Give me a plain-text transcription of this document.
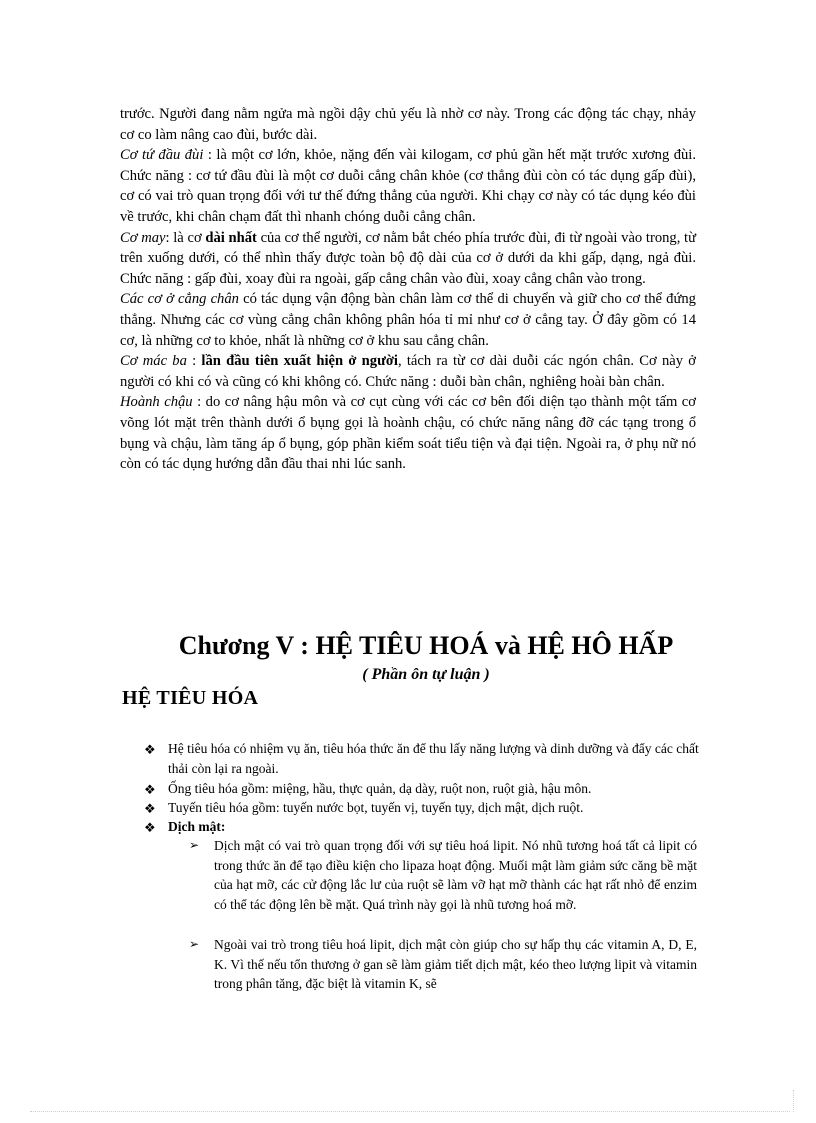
trước. Người đang nằm ngửa mà ngồi dậy chủ yếu là nhờ cơ này. Trong các động tác chạy, nhảy cơ co làm nâng cao đùi, bước dài.

Cơ tứ đầu đùi : là một cơ lớn, khỏe, nặng đến vài kilogam, cơ phủ gần hết mặt trước xương đùi. Chức năng : cơ tứ đầu đùi là một cơ duỗi cẳng chân khỏe (cơ thẳng đùi còn có tác dụng gấp đùi), cơ có vai trò quan trọng đối với tư thế đứng thẳng của người. Khi chạy cơ này có tác dụng kéo đùi về trước, khi chân chạm đất thì nhanh chóng duỗi cẳng chân.

Cơ may: là cơ dài nhất của cơ thể người, cơ nằm bắt chéo phía trước đùi, đi từ ngoài vào trong, từ trên xuống dưới, có thể nhìn thấy được toàn bộ độ dài của cơ ở dưới da khi gấp, dạng, ngả đùi. Chức năng : gấp đùi, xoay đùi ra ngoài, gấp cẳng chân vào đùi, xoay cẳng chân vào trong.

Các cơ ở cẳng chân có tác dụng vận động bàn chân làm cơ thể di chuyển và giữ cho cơ thể đứng thẳng. Nhưng các cơ vùng cẳng chân không phân hóa tỉ mỉ như cơ ở cẳng tay. Ở đây gồm có 14 cơ, là những cơ to khỏe, nhất là những cơ ở khu sau cẳng chân.

Cơ mác ba : lần đầu tiên xuất hiện ở người, tách ra từ cơ dài duỗi các ngón chân. Cơ này ở người có khi có và cũng có khi không có. Chức năng : duỗi bàn chân, nghiêng hoài bàn chân.

Hoành chậu : do cơ nâng hậu môn và cơ cụt cùng với các cơ bên đối diện tạo thành một tấm cơ võng lót mặt trên thành dưới ổ bụng gọi là hoành chậu, có chức năng nâng đỡ các tạng trong ổ bụng và chậu, làm tăng áp ổ bụng, góp phần kiểm soát tiểu tiện và đại tiện. Ngoài ra, ở phụ nữ nó còn có tác dụng hướng dẫn đầu thai nhi lúc sanh.

Chương V : HỆ TIÊU HOÁ và HỆ HÔ HẤP
( Phần ôn tự luận )
HỆ TIÊU HÓA
❖ Hệ tiêu hóa có nhiệm vụ ăn, tiêu hóa thức ăn để thu lấy năng lượng và dinh dưỡng và đẩy các chất thải còn lại ra ngoài.
❖ Ống tiêu hóa gồm: miệng, hầu, thực quản, dạ dày, ruột non, ruột già, hậu môn.
❖ Tuyến tiêu hóa gồm: tuyến nước bọt, tuyến vị, tuyến tụy, dịch mật, dịch ruột.
❖ Dịch mật:
➢ Dịch mật có vai trò quan trọng đối với sự tiêu hoá lipit. Nó nhũ tương hoá tất cả lipit có trong thức ăn để tạo điều kiện cho lipaza hoạt động. Muối mật làm giảm sức căng bề mặt của hạt mỡ, các cử động lắc lư của ruột sẽ làm vỡ hạt mỡ thành các hạt rất nhỏ để enzim có thể tác động lên bề mặt. Quá trình này gọi là nhũ tương hoá mỡ.
➢ Ngoài vai trò trong tiêu hoá lipit, dịch mật còn giúp cho sự hấp thụ các vitamin A, D, E, K. Vì thế nếu tổn thương ở gan sẽ làm giảm tiết dịch mật, kéo theo lượng lipit và vitamin trong phân tăng, đặc biệt là vitamin K, sẽ
